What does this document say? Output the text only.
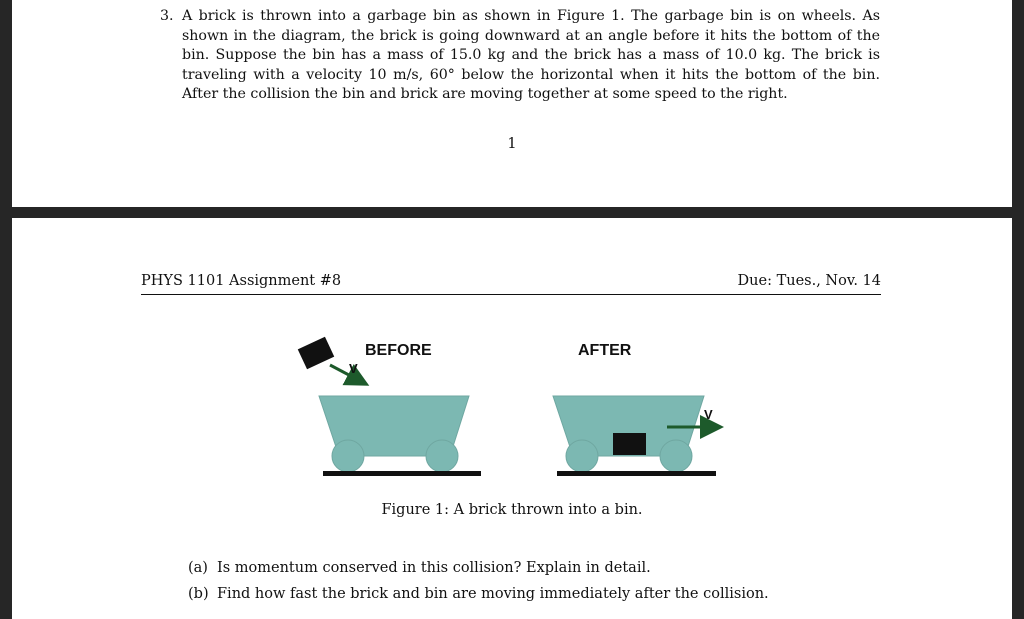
3. A brick is thrown into a garbage bin as shown in Figure 1. The garbage bin is on wheels. As shown in the diagram, the brick is going downward at an angle before it hits the bottom of the bin. Suppose the bin has a mass of 15.0 kg and the brick has a mass of 10.0 kg. The brick is traveling with a velocity 10 m/s, 60° below the horizontal when it hits the bottom of the bin. After the collision the bin and brick are moving together at some speed to the right.
1
PHYS 1101 Assignment #8	Due: Tues., Nov. 14
BEFORE
V
AFTER
V
Figure 1: A brick thrown into a bin.
(a) Is momentum conserved in this collision? Explain in detail.
(b) Find how fast the brick and bin are moving immediately after the collision.
